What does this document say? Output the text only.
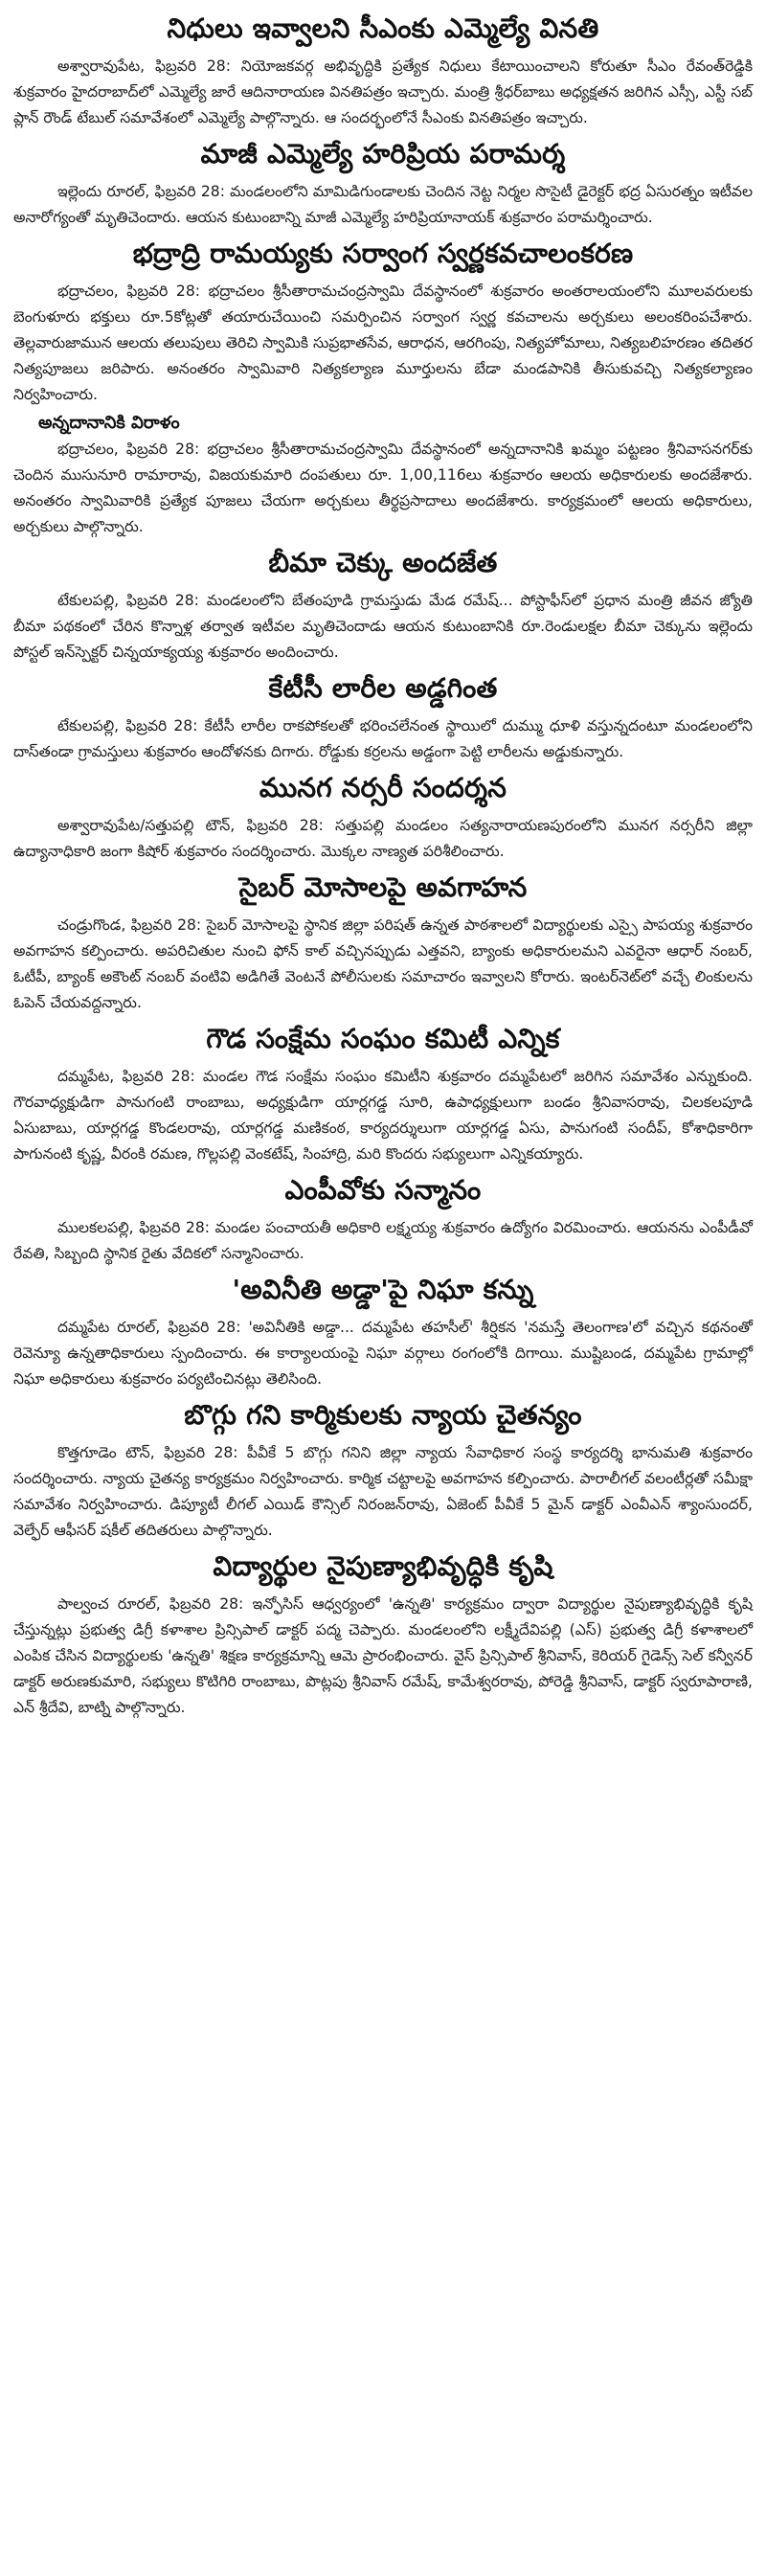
నిధులు ఇవ్వాలని సీఎంకు ఎమ్మెల్యే వినతి

అశ్వారావుపేట, ఫిబ్రవరి 28: నియోజకవర్గ అభివృద్ధికి ప్రత్యేక నిధులు కేటాయించాలని కోరుతూ సీఎం రేవంత్‌రెడ్డికి శుక్రవారం హైదరాబాద్‌లో ఎమ్మెల్యే జారే ఆదినారాయణ వినతిపత్రం ఇచ్చారు. మంత్రి శ్రీధర్‌బాబు అధ్యక్షతన జరిగిన ఎస్సీ, ఎస్టీ సబ్ ప్లాన్ రౌండ్ టేబుల్ సమావేశంలో ఎమ్మెల్యే పాల్గొన్నారు. ఆ సందర్భంలోనే సీఎంకు వినతిపత్రం ఇచ్చారు.

మాజీ ఎమ్మెల్యే హరిప్రియ పరామర్శ

ఇల్లెందు రూరల్, ఫిబ్రవరి 28: మండలంలోని మామిడిగుండాలకు చెందిన నెట్ట నిర్మల సొసైటీ డైరెక్టర్ భద్ర ఏసురత్నం ఇటీవల అనారోగ్యంతో మృతిచెందారు. ఆయన కుటుంబాన్ని మాజీ ఎమ్మెల్యే హరిప్రియానాయక్ శుక్రవారం పరామర్శించారు.

భద్రాద్రి రామయ్యకు సర్వాంగ స్వర్ణకవచాలంకరణ

భద్రాచలం, ఫిబ్రవరి 28: భద్రాచలం శ్రీసీతారామచంద్రస్వామి దేవస్థానంలో శుక్రవారం అంతరాలయంలోని మూలవరులకు బెంగుళూరు భక్తులు రూ.5కోట్లతో తయారుచేయించి సమర్పించిన సర్వాంగ స్వర్ణ కవచాలను అర్చకులు అలంకరింపచేశారు. తెల్లవారుజామున ఆలయ తలుపులు తెరిచి స్వామికి సుప్రభాతసేవ, ఆరాధన, ఆరగింపు, నిత్యహోమాలు, నిత్యబలిహరణం తదితర నిత్యపూజలు జరిపారు. అనంతరం స్వామివారి నిత్యకల్యాణ మూర్తులను బేడా మండపానికి తీసుకువచ్చి నిత్యకల్యాణం నిర్వహించారు.

అన్నదానానికి విరాళం

భద్రాచలం, ఫిబ్రవరి 28: భద్రాచలం శ్రీసీతారామచంద్రస్వామి దేవస్థానంలో అన్నదానానికి ఖమ్మం పట్టణం శ్రీనివాసనగర్‌కు చెందిన ముసునూరి రామారావు, విజయకుమారి దంపతులు రూ. 1,00,116లు శుక్రవారం ఆలయ అధికారులకు అందజేశారు. అనంతరం స్వామివారికి ప్రత్యేక పూజలు చేయగా అర్చకులు తీర్థప్రసాదాలు అందజేశారు. కార్యక్రమంలో ఆలయ అధికారులు, అర్చకులు పాల్గొన్నారు.

బీమా చెక్కు అందజేత

టేకులపల్లి, ఫిబ్రవరి 28: మండలంలోని బేతంపూడి గ్రామస్తుడు మేడ రమేష్... పోస్టాఫీస్‌లో ప్రధాన మంత్రి జీవన జ్యోతి బీమా పథకంలో చేరిన కొన్నాళ్ల తర్వాత ఇటీవల మృతిచెందాడు ఆయన కుటుంబానికి రూ.రెండులక్షల బీమా చెక్కును ఇల్లెందు పోస్టల్ ఇన్‌స్పెక్టర్ చిన్నయాక్యయ్య శుక్రవారం అందించారు.

కేటీసీ లారీల అడ్డగింత

టేకులపల్లి, ఫిబ్రవరి 28: కేటీసీ లారీల రాకపోకలతో భరించలేనంత స్థాయిలో దుమ్ము ధూళి వస్తున్నదంటూ మండలంలోని దాస్‌తండా గ్రామస్తులు శుక్రవారం ఆందోళనకు దిగారు. రోడ్డుకు కర్రలను అడ్డంగా పెట్టి లారీలను అడ్డుకున్నారు.

మునగ నర్సరీ సందర్శన

అశ్వారావుపేట/సత్తుపల్లి టౌన్, ఫిబ్రవరి 28: సత్తుపల్లి మండలం సత్యనారాయణపురంలోని మునగ నర్సరీని జిల్లా ఉద్యానాధికారి జంగా కిషోర్ శుక్రవారం సందర్శించారు. మొక్కల నాణ్యత పరిశీలించారు.

సైబర్ మోసాలపై అవగాహన

చండ్రుగొండ, ఫిబ్రవరి 28: సైబర్ మోసాలపై స్థానిక జిల్లా పరిషత్ ఉన్నత పాఠశాలలో విద్యార్థులకు ఎస్సై పాపయ్య శుక్రవారం అవగాహన కల్పించారు. అపరిచితుల నుంచి ఫోన్ కాల్ వచ్చినప్పుడు ఎత్తవని, బ్యాంకు అధికారులమని ఎవరైనా ఆధార్ నంబర్, ఓటీపీ, బ్యాంక్ అకౌంట్ నంబర్ వంటివి అడిగితే వెంటనే పోలీసులకు సమాచారం ఇవ్వాలని కోరారు. ఇంటర్‌నెట్‌లో వచ్చే లింకులను ఓపెన్ చేయవద్దన్నారు.

గౌడ సంక్షేమ సంఘం కమిటీ ఎన్నిక

దమ్మపేట, ఫిబ్రవరి 28: మండల గౌడ సంక్షేమ సంఘం కమిటీని శుక్రవారం దమ్మపేటలో జరిగిన సమావేశం ఎన్నుకుంది. గౌరవాధ్యక్షుడిగా పానుగంటి రాంబాబు, అధ్యక్షుడిగా యార్లగడ్డ సూరి, ఉపాధ్యక్షులుగా బండం శ్రీనివాసరావు, చిలకలపూడి ఏసుబాబు, యార్లగడ్డ కొండలరావు, యార్లగడ్డ మణికంఠ, కార్యదర్శులుగా యార్లగడ్డ ఏసు, పానుగంటి సందీప్, కోశాధికారిగా పాగునంటి కృష్ణ, వీరంకి రమణ, గొల్లపల్లి వెంకటేష్, సింహాద్రి, మరి కొందరు సభ్యులుగా ఎన్నికయ్యారు.

ఎంపీవోకు సన్మానం

ములకలపల్లి, ఫిబ్రవరి 28: మండల పంచాయతీ అధికారి లక్ష్మయ్య శుక్రవారం ఉద్యోగం విరమించారు. ఆయనను ఎంపీడీవో రేవతి, సిబ్బంది స్థానిక రైతు వేదికలో సన్మానించారు.

'అవినీతి అడ్డా'పై నిఘా కన్ను

దమ్మపేట రూరల్, ఫిబ్రవరి 28: 'అవినీతికి అడ్డా... దమ్మపేట తహసీల్' శీర్షికన 'నమస్తే తెలంగాణ'లో వచ్చిన కథనంతో రెవెన్యూ ఉన్నతాధికారులు స్పందించారు. ఈ కార్యాలయంపై నిఘా వర్గాలు రంగంలోకి దిగాయి. ముష్టిబండ, దమ్మపేట గ్రామాల్లో నిఘా అధికారులు శుక్రవారం పర్యటించినట్లు తెలిసింది.

బొగ్గు గని కార్మికులకు న్యాయ చైతన్యం

కొత్తగూడెం టౌన్, ఫిబ్రవరి 28: పీవీకే 5 బొగ్గు గనిని జిల్లా న్యాయ సేవాధికార సంస్థ కార్యదర్శి భానుమతి శుక్రవారం సందర్శించారు. న్యాయ చైతన్య కార్యక్రమం నిర్వహించారు. కార్మిక చట్టాలపై అవగాహన కల్పించారు. పారాలీగల్ వలంటీర్లతో సమీక్షా సమావేశం నిర్వహించారు. డిప్యూటీ లీగల్ ఎయిడ్ కౌన్సిల్ నిరంజన్‌రావు, ఏజెంట్ పీవీకే 5 మైన్ డాక్టర్ ఎంవీఎన్ శ్యాంసుందర్, వెల్ఫేర్ ఆఫీసర్ షకీల్ తదితరులు పాల్గొన్నారు.

విద్యార్థుల నైపుణ్యాభివృద్ధికి కృషి

పాల్వంచ రూరల్, ఫిబ్రవరి 28: ఇన్ఫోసిస్ ఆధ్వర్యంలో 'ఉన్నతి' కార్యక్రమం ద్వారా విద్యార్థుల నైపుణ్యాభివృద్ధికి కృషి చేస్తున్నట్లు ప్రభుత్వ డిగ్రీ కళాశాల ప్రిన్సిపాల్ డాక్టర్ పద్మ చెప్పారు. మండలంలోని లక్ష్మీదేవిపల్లి (ఎస్) ప్రభుత్వ డిగ్రీ కళాశాలలో ఎంపిక చేసిన విద్యార్థులకు 'ఉన్నతి' శిక్షణ కార్యక్రమాన్ని ఆమె ప్రారంభించారు. వైస్ ప్రిన్సిపాల్ శ్రీనివాస్, కెరియర్ గైడెన్స్ సెల్ కన్వీనర్ డాక్టర్ అరుణకుమారి, సభ్యులు కొటిగిరి రాంబాబు, పొట్లపు శ్రీనివాస్ రమేష్, కామేశ్వరరావు, పోరెడ్డి శ్రీనివాస్, డాక్టర్ స్వరూపారాణి, ఎన్ శ్రీదేవి, బాట్ని పాల్గొన్నారు.
